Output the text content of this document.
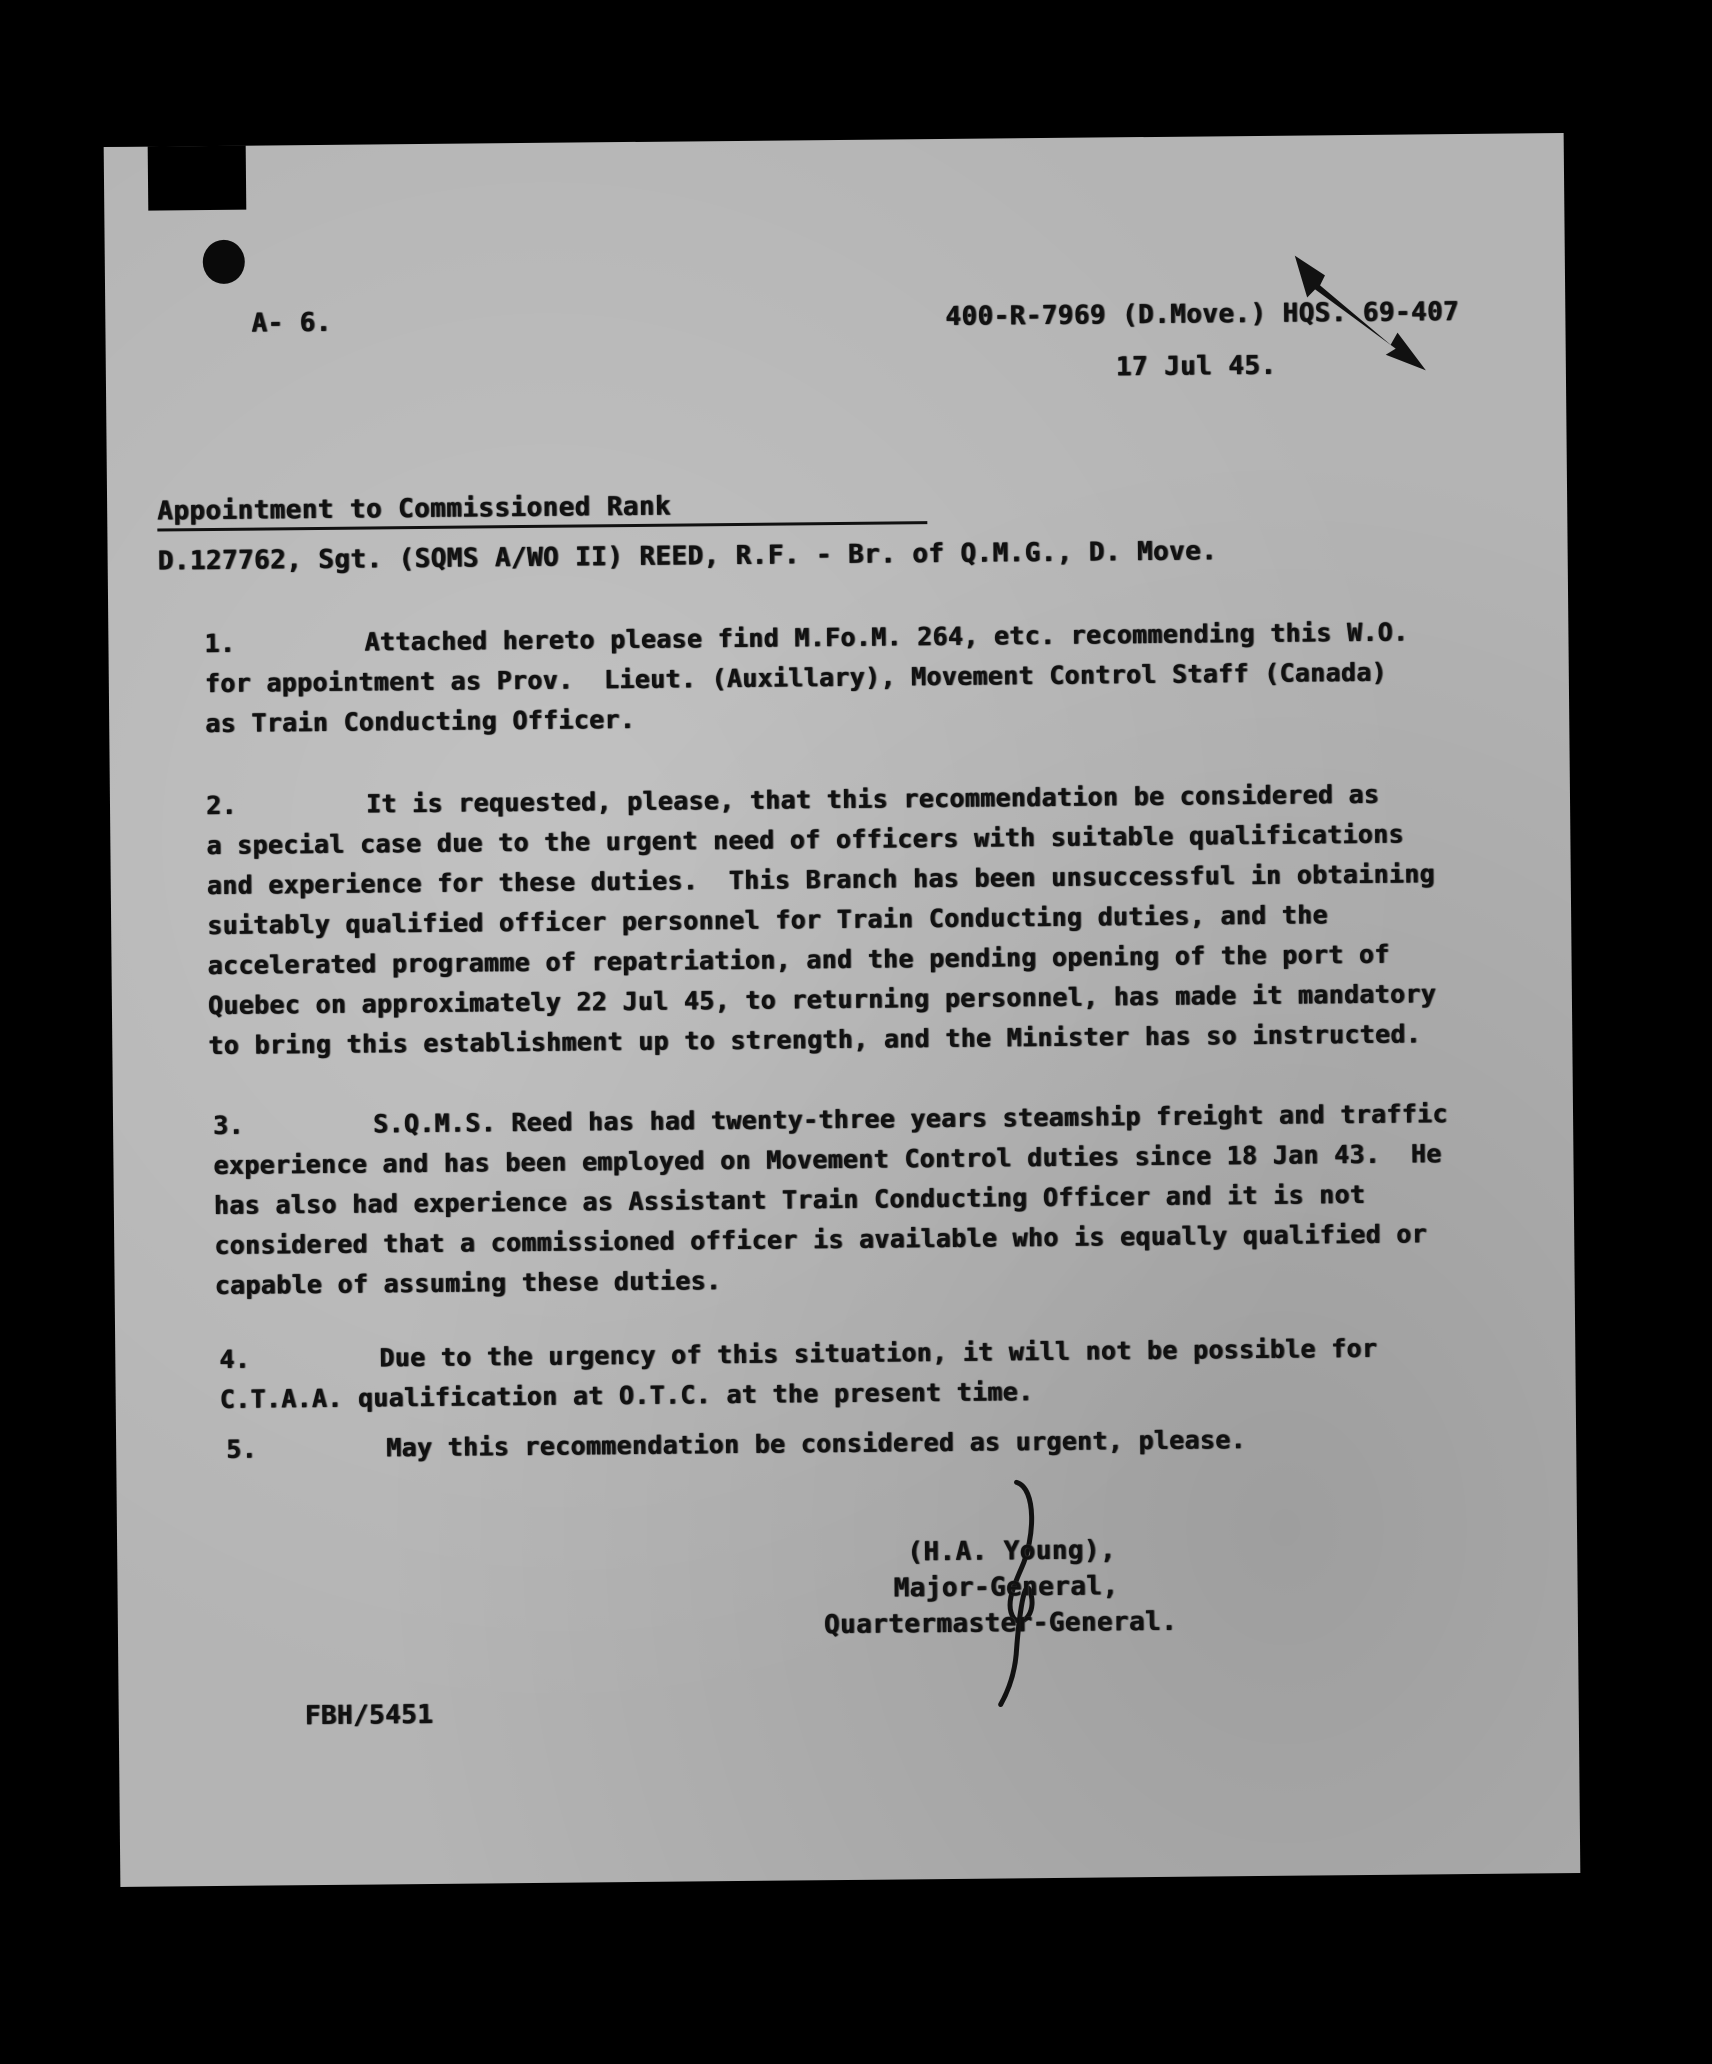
A- 6.	400-R-7969 (D.Move.) HQS. 69-407
17 Jul 45.
Appointment to Commissioned Rank
D.127762, Sgt. (SQMS A/WO II) REED, R.F. - Br. of Q.M.G., D. Move.
1.	Attached hereto please find M.Fo.M. 264, etc. recommending this W.O.
for appointment as Prov.  Lieut. (Auxillary), Movement Control Staff (Canada)
as Train Conducting Officer.
2.	It is requested, please, that this recommendation be considered as
a special case due to the urgent need of officers with suitable qualifications
and experience for these duties.  This Branch has been unsuccessful in obtaining
suitably qualified officer personnel for Train Conducting duties, and the
accelerated programme of repatriation, and the pending opening of the port of
Quebec on approximately 22 Jul 45, to returning personnel, has made it mandatory
to bring this establishment up to strength, and the Minister has so instructed.
3.	S.Q.M.S. Reed has had twenty-three years steamship freight and traffic
experience and has been employed on Movement Control duties since 18 Jan 43.  He
has also had experience as Assistant Train Conducting Officer and it is not
considered that a commissioned officer is available who is equally qualified or
capable of assuming these duties.
4.	Due to the urgency of this situation, it will not be possible for
C.T.A.A. qualification at O.T.C. at the present time.
5.	May this recommendation be considered as urgent, please.
(H.A. Young),
Major-General,
Quartermaster-General.
FBH/5451
